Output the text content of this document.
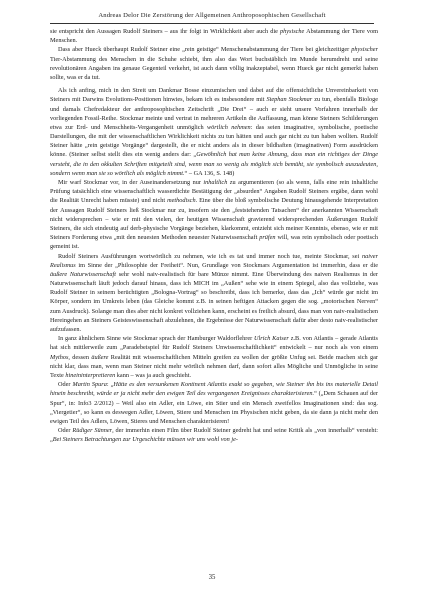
Andreas Delor Die Zerstörung der Allgemeinen Anthroposophischen Gesellschaft

sie entspricht den Aussagen Rudolf Steiners – aus ihr folgt in Wirklichkeit aber auch die physische Abstammung der Tiere vom Menschen.

Dass aber Hueck überhaupt Rudolf Steiner eine „rein geistige“ Menschenabstammung der Tiere bei gleichzeitiger physischer Tier-Abstammung des Menschen in die Schuhe schiebt, ihm also das Wort buchstäblich im Munde herumdreht und seine revolutionären Angaben ins genaue Gegenteil verkehrt, ist auch dann völlig inakzeptabel, wenn Hueck gar nicht gemerkt haben sollte, was er da tut.

Als ich anfing, mich in den Streit um Dankmar Bosse einzumischen und dabei auf die offensichtliche Unvereinbarkeit von Steiners mit Darwins Evolutions-Positionen hinwies, bekam ich es insbesondere mit Stephan Stockmar zu tun, ebenfalls Biologe und damals Chefredakteur der anthroposophischen Zeitschrift „Die Drei“ – auch er sieht unsere Vorfahren innerhalb der vorliegenden Fossil-Reihe. Stockmar meinte und vertrat in mehreren Artikeln die Auffassung, man könne Steiners Schilderungen etwa zur Erd- und Menschheits-Vergangenheit unmöglich wörtlich nehmen: das seien imaginative, symbolische, poetische Darstellungen, die mit der wissenschaftlichen Wirklichkeit nichts zu tun hätten und auch gar nicht zu tun haben wollten. Rudolf Steiner hätte „rein geistige Vorgänge“ dargestellt, die er nicht anders als in dieser bildhaften (imaginativen) Form ausdrücken könne. (Steiner selbst stellt dies ein wenig anders dar: „Gewöhnlich hat man keine Ahnung, dass man ein richtiges der Dinge versteht, die in den okkulten Schriften mitgeteilt sind, wenn man so wenig als möglich sich bemüht, sie symbolisch auszudeuten, sondern wenn man sie so wörtlich als möglich nimmt.“ – GA 136, S. 148)

Mir warf Stockmar vor, in der Auseinandersetzung nur inhaltlich zu argumentieren (so als wenn, falls eine rein inhaltliche Prüfung tatsächlich eine wissenschaftlich wasserdichte Bestätigung der „absurden“ Angaben Rudolf Steiners ergäbe, dann wohl die Realität Unrecht haben müsste) und nicht methodisch. Eine über die bloß symbolische Deutung hinausgehende Interpretation der Aussagen Rudolf Steiners ließ Stockmar nur zu, insofern sie den „feststehenden Tatsachen“ der anerkannten Wissenschaft nicht widersprechen – wie er mit den vielen, der heutigen Wissenschaft gravierend widersprechenden Äußerungen Rudolf Steiners, die sich eindeutig auf derb-physische Vorgänge beziehen, klarkommt, entzieht sich meiner Kenntnis, ebenso, wie er mit Steiners Forderung etwa „mit den neuesten Methoden neuester Naturwissenschaft prüfen will, was rein symbolisch oder poetisch gemeint ist.

Rudolf Steiners Ausführungen wortwörtlich zu nehmen, wie ich es tat und immer noch tue, meinte Stockmar, sei naiver Realismus im Sinne der „Philosophie der Freiheit“. Nun, Grundlage von Stockmars Argumentation ist immerhin, dass er die äußere Naturwissenschaft sehr wohl naiv-realistisch für bare Münze nimmt. Eine Überwindung des naiven Realismus in der Naturwissenschaft läuft jedoch darauf hinaus, dass ich MICH im „Außen“ sehe wie in einem Spiegel, also das vollziehe, was Rudolf Steiner in seinem berüchtigten „Bologna-Vortrag“ so beschreibt, dass ich bemerke, dass das „Ich“ würde gar nicht im Körper, sondern im Umkreis leben (das Gleiche kommt z.B. in seinen heftigen Attacken gegen die sog. „motorischen Nerven“ zum Ausdruck). Solange man dies aber nicht konkret vollziehen kann, erscheint es freilich absurd, dass man von naiv-realistischen Hereingehen an Steiners Geisteswissenschaft abzulehnen, die Ergebnisse der Naturwissenschaft dafür aber desto naiv-realistischer aufzufassen.

In ganz ähnlichem Sinne wie Stockmar sprach der Hamburger Waldorflehrer Ulrich Kaiser z.B. von Atlantis – gerade Atlantis hat sich mittlerweile zum „Paradebeispiel für Rudolf Steiners Unwissenschaftlichkeit“ entwickelt – nur noch als von einem Mythos, dessen äußere Realität mit wissenschaftlichen Mitteln greifen zu wollen der größte Unfug sei. Beide machen sich gar nicht klar, dass man, wenn man Steiner nicht mehr wörtlich nehmen darf, dann sofort alles Mögliche und Unmögliche in seine Texte hineininterpretieren kann – was ja auch geschieht.

Oder Martin Spura: „Hätte es den versunkenen Kontinent Atlantis exakt so gegeben, wie Steiner ihn bis ins materielle Detail hinein beschreibt, würde er ja nicht mehr den ewigen Teil des vergangenen Ereignisses charakterisieren.“ („Dem Schauen auf der Spur“, in: Info3 2/2012) – Weil also ein Adler, ein Löwe, ein Stier und ein Mensch zweifellos Imaginationen sind: das sog. „Viergetier“, so kann es deswegen Adler, Löwen, Stiere und Menschen im Physischen nicht geben, da sie dann ja nicht mehr den ewigen Teil des Adlers, Löwen, Stieres und Menschen charakterisieren!

Oder Rüdiger Sünner, der immerhin einen Film über Rudolf Steiner gedreht hat und seine Kritik als „von innerhalb“ versteht: „Bei Steiners Betrachtungen zur Urgeschichte müssen wir uns wohl von je-

35
